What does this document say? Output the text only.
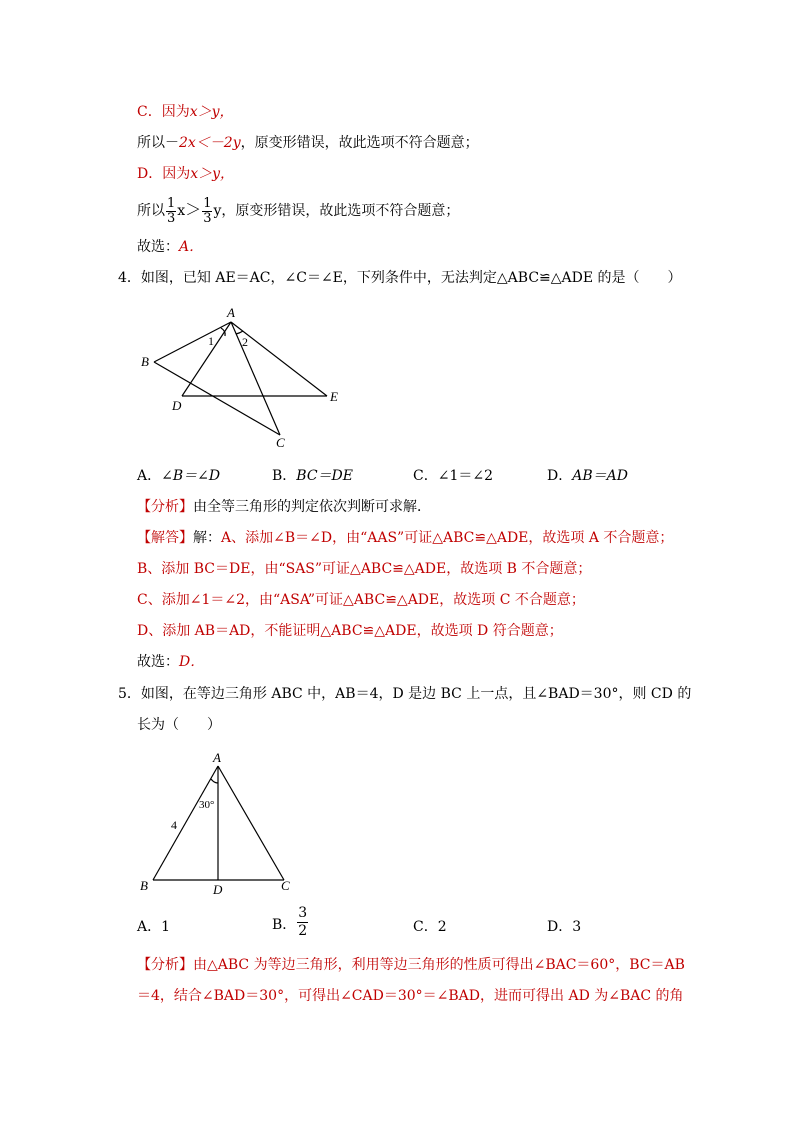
C．因为x＞y，
所以－2x＜－2y，原变形错误，故此选项不符合题意；
D．因为x＞y，
所以 $\frac{1}{3} x> \frac{1}{3}$ y，原变形错误，故此选项不符合题意；
故选：A．
4．如图，已知 AE＝AC，∠C＝∠E，下列条件中，无法判定△ABC≌△ADE 的是（　　）
A
B
D
E
C
1 2
A．∠B＝∠D	B．BC＝DE	C．∠1＝∠2	D．AB＝AD
【分析】由全等三角形的判定依次判断可求解．
【解答】解：A、添加∠B＝∠D，由“AAS”可证△ABC≌△ADE，故选项 A 不合题意；
B、添加 BC＝DE，由“SAS”可证△ABC≌△ADE，故选项 B 不合题意；
C、添加∠1＝∠2，由“ASA”可证△ABC≌△ADE，故选项 C 不合题意；
D、添加 AB＝AD，不能证明△ABC≌△ADE，故选项 D 符合题意；
故选：D．
5．如图，在等边三角形 ABC 中，AB＝4，D 是边 BC 上一点，且∠BAD＝30°，则 CD 的
长为（　　）
A
B	D	C
4
30°
A．1	B． $\frac{3}{2}$	C．2	D．3
【分析】由△ABC 为等边三角形，利用等边三角形的性质可得出∠BAC＝60°，BC＝AB
＝4，结合∠BAD＝30°，可得出∠CAD＝30°＝∠BAD，进而可得出 AD 为∠BAC 的角
